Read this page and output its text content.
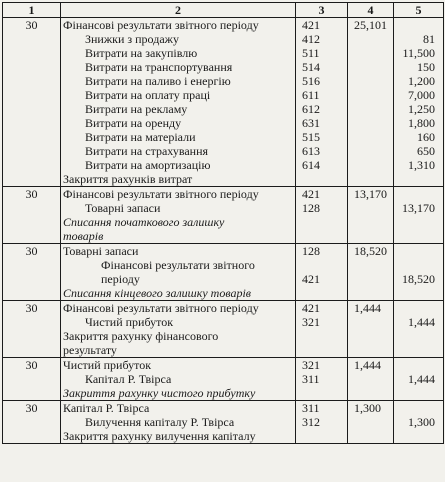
1	2	3	4	5
30	Фінансові результати звітного періоду	421	25,101	
	Знижки з продажу	412		81
	Витрати на закупівлю	511		11,500
	Витрати на транспортування	514		150
	Витрати на паливо і енергію	516		1,200
	Витрати на оплату праці	611		7,000
	Витрати на рекламу	612		1,250
	Витрати на оренду	631		1,800
	Витрати на матеріали	515		160
	Витрати на страхування	613		650
	Витрати на амортизацію	614		1,310
	Закриття рахунків витрат			
30	Фінансові результати звітного періоду	421	13,170	
	Товарні запаси	128		13,170
	Списання початкового залишку			
	товарів			
30	Товарні запаси	128	18,520	
	Фінансові результати звітного			
	періоду	421		18,520
	Списання кінцевого залишку товарів			
30	Фінансові результати звітного періоду	421	1,444	
	Чистий прибуток	321		1,444
	Закриття рахунку фінансового			
	результату			
30	Чистий прибуток	321	1,444	
	Капітал Р. Твірса	311		1,444
	Закриття рахунку чистого прибутку			
30	Капітал Р. Твірса	311	1,300	
	Вилучення капіталу Р. Твірса	312		1,300
	Закриття рахунку вилучення капіталу			
